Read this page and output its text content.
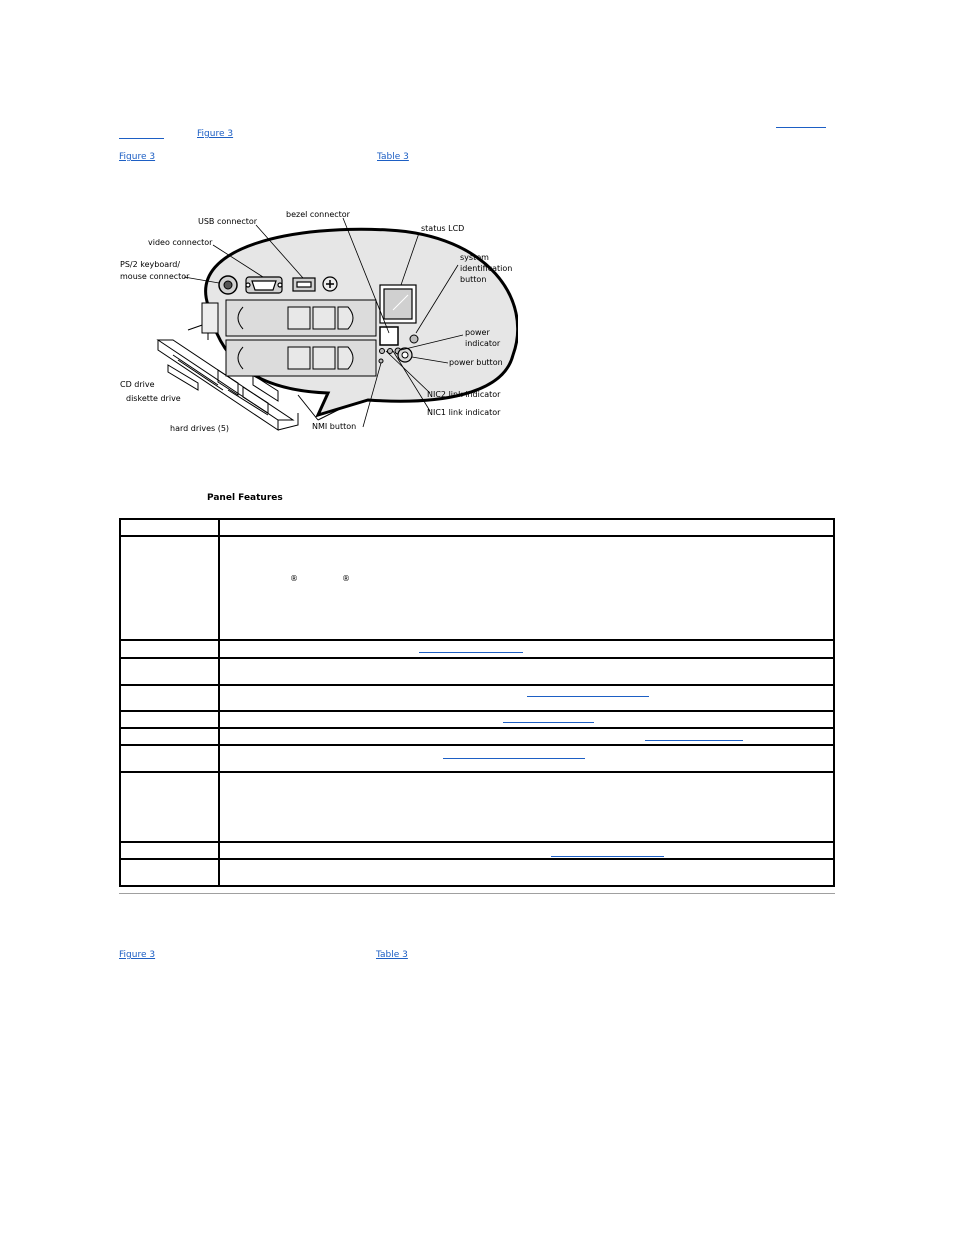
Figure 3
Figure 3	Table 3
USB connector
bezel connector
status LCD
video connector
system
identification
button
PS/2 keyboard/
mouse connector
power
indicator
power button
CD drive
diskette drive	NIC2 link indicator
NIC1 link indicator
hard drives (5)	NMI button
Panel Features

®	®
Figure 3	Table 3
